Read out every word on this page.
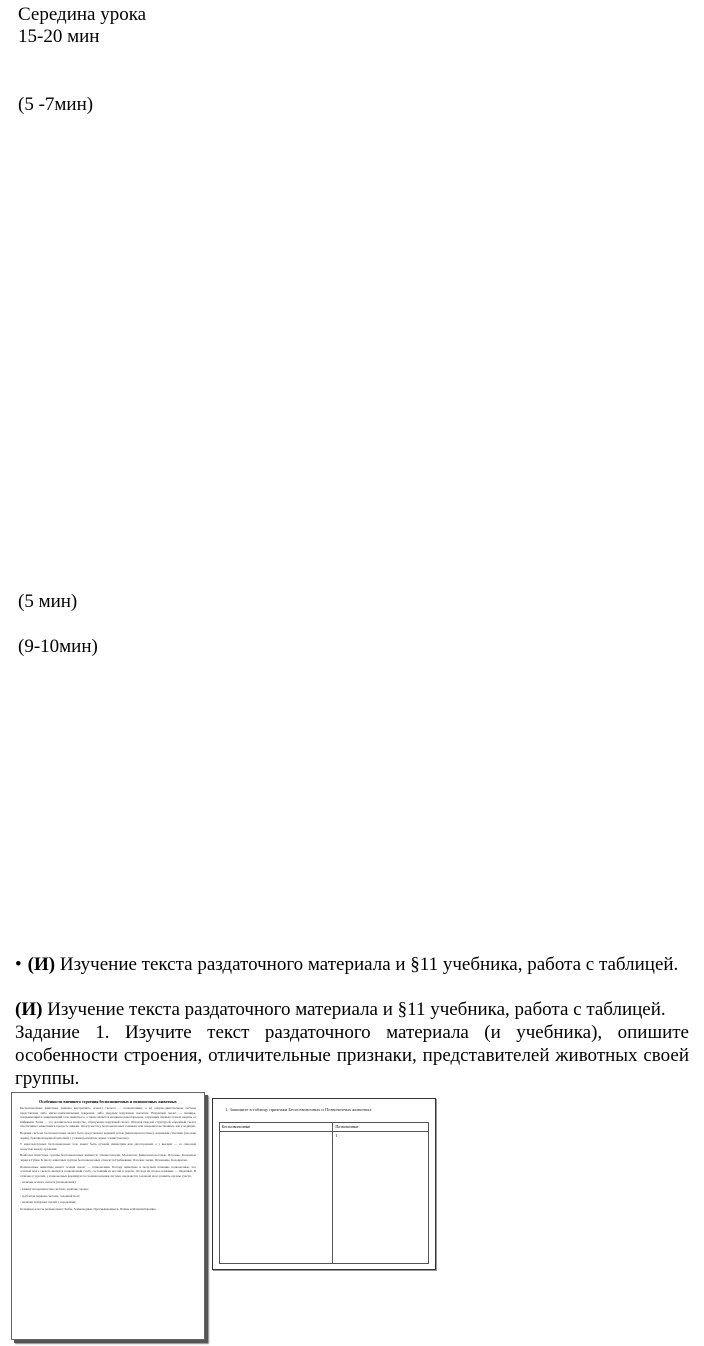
Середина урока
15-20 мин
(5 -7мин)
(5 мин)
(9-10мин)
• (И) Изучение текста раздаточного материала и §11 учебника, работа с таблицей.
(И) Изучение текста раздаточного материала и §11 учебника, работа с таблицей.
Задание 1. Изучите текст раздаточного материала (и учебника), опишите особенности строения, отличительные признаки, представителей животных своей группы.
Особенности внешнего строения беспозвоночных и позвоночных животных

Беспозвоночные животные лишены внутреннего осевого скелета — позвоночника, а их опорно-двигательная система представлена либо мягко-эпителиальным покровом, либо твердым наружным скелетом. Наружный скелет — панцирь, покрывающий и защищающий тело животного, а также является механическим барьером, служащим первым этапом защиты от инфекции. Затем — это органическое вещество, образующее наружный скелет. Обладая твердой структурой, наружный скелет обеспечивает животным в процессе линьки. Он изучается у беспозвоночных главным, или покровительственных, как у ходящих.

Нервная система беспозвоночных может быть представлена нервной сетью (кишечнополостные), нервными стволами (плоские черви), брюшной нервной цепочкой с узлами (кольчатые черви, членистоногие).

У многоклеточных беспозвоночных тело может быть лучевой симметрии или двусторонней, а у высших — со сквозной полостью между органами.

Наиболее известные группы беспозвоночных являются: Членистоногие, Моллюски, Кишечнополостные, Плоские, Кольчатые черви и Губки. К числу животных группы беспозвоночных относятся Гребневики, Плоские черви, Иглокожие, Коловратки.

Позвоночные животные имеют осевой скелет — позвоночник. Потому животные и получили название позвоночные, что основой всего скелета является позвоночный столб, состоящий из костей и черепа. Отсюда их второе название — Черепные. В отличие от прочих, у позвоночных формируется сложная нервная система, выделяется головной мозг, развиты органы чувств.

- наличие осевого скелета (позвоночник);

- замкнутая кровеносная система, наличие сердца;

- трубчатая нервная система, головной мозг;

- наличие жаберных щелей у зародышей;

Основные классы позвоночных: Рыбы, Земноводные, Пресмыкающиеся, Птицы и Млекопитающие.

1. Запишите в таблицу признаки Беспозвоночных и Позвоночных животных
Беспозвоночные	Позвоночные
	1
